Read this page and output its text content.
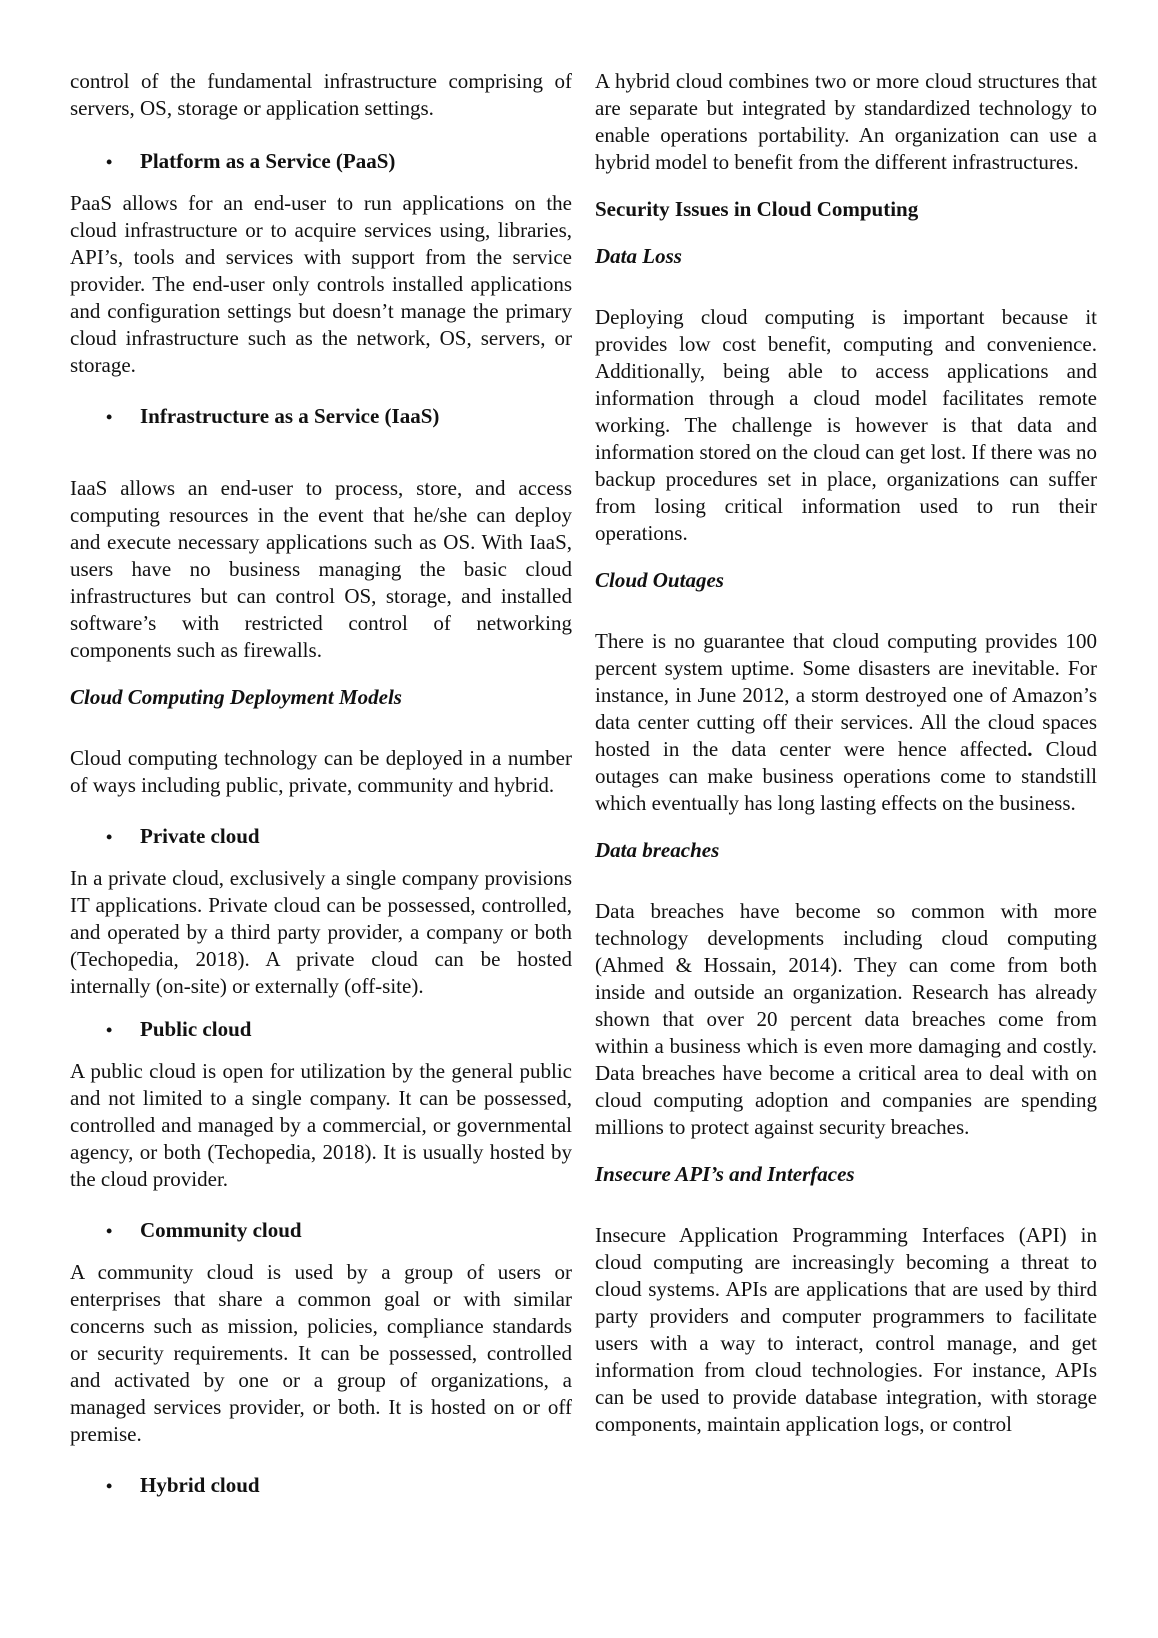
control of the fundamental infrastructure comprising of servers, OS, storage or application settings.

•	Platform as a Service (PaaS)

PaaS allows for an end-user to run applications on the cloud infrastructure or to acquire services using, libraries, API’s, tools and services with support from the service provider. The end-user only controls installed applications and configuration settings but doesn’t manage the primary cloud infrastructure such as the network, OS, servers, or storage.

•	Infrastructure as a Service (IaaS)

IaaS allows an end-user to process, store, and access computing resources in the event that he/she can deploy and execute necessary applications such as OS. With IaaS, users have no business managing the basic cloud infrastructures but can control OS, storage, and installed software’s with restricted control of networking components such as firewalls.

Cloud Computing Deployment Models

Cloud computing technology can be deployed in a number of ways including public, private, community and hybrid.

•	Private cloud

In a private cloud, exclusively a single company provisions IT applications. Private cloud can be possessed, controlled, and operated by a third party provider, a company or both (Techopedia, 2018). A private cloud can be hosted internally (on-site) or externally (off-site).

•	Public cloud

A public cloud is open for utilization by the general public and not limited to a single company. It can be possessed, controlled and managed by a commercial, or governmental agency, or both (Techopedia, 2018). It is usually hosted by the cloud provider.

•	Community cloud

A community cloud is used by a group of users or enterprises that share a common goal or with similar concerns such as mission, policies, compliance standards or security requirements. It can be possessed, controlled and activated by one or a group of organizations, a managed services provider, or both. It is hosted on or off premise.

•	Hybrid cloud

A hybrid cloud combines two or more cloud structures that are separate but integrated by standardized technology to enable operations portability. An organization can use a hybrid model to benefit from the different infrastructures.

Security Issues in Cloud Computing
Data Loss

Deploying cloud computing is important because it provides low cost benefit, computing and convenience. Additionally, being able to access applications and information through a cloud model facilitates remote working. The challenge is however is that data and information stored on the cloud can get lost. If there was no backup procedures set in place, organizations can suffer from losing critical information used to run their operations.

Cloud Outages

There is no guarantee that cloud computing provides 100 percent system uptime. Some disasters are inevitable. For instance, in June 2012, a storm destroyed one of Amazon’s data center cutting off their services. All the cloud spaces hosted in the data center were hence affected. Cloud outages can make business operations come to standstill which eventually has long lasting effects on the business.

Data breaches

Data breaches have become so common with more technology developments including cloud computing (Ahmed & Hossain, 2014). They can come from both inside and outside an organization. Research has already shown that over 20 percent data breaches come from within a business which is even more damaging and costly. Data breaches have become a critical area to deal with on cloud computing adoption and companies are spending millions to protect against security breaches.

Insecure API’s and Interfaces

Insecure Application Programming Interfaces (API) in cloud computing are increasingly becoming a threat to cloud systems. APIs are applications that are used by third party providers and computer programmers to facilitate users with a way to interact, control manage, and get information from cloud technologies. For instance, APIs can be used to provide database integration, with storage components, maintain application logs, or control
